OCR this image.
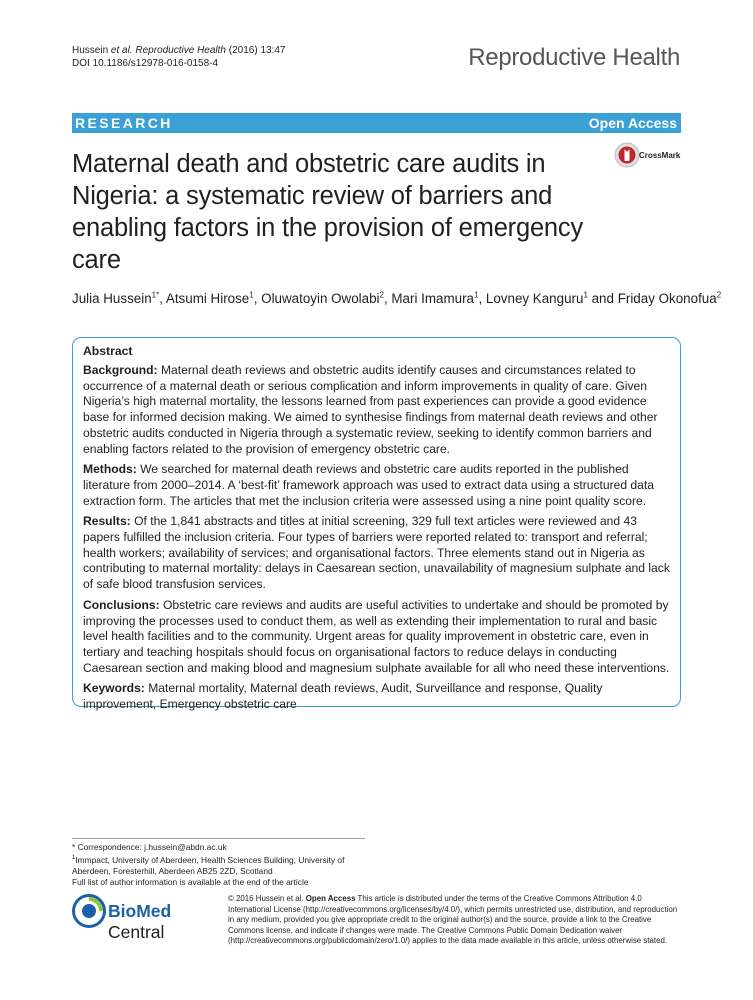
Hussein et al. Reproductive Health (2016) 13:47
DOI 10.1186/s12978-016-0158-4	Reproductive Health
RESEARCH	Open Access
Maternal death and obstetric care audits in Nigeria: a systematic review of barriers and enabling factors in the provision of emergency care
CrossMark
Julia Hussein$^{1*}$, Atsumi Hirose$^1$, Oluwatoyin Owolabi$^2$, Mari Imamura$^1$, Lovney Kanguru$^1$ and Friday Okonofua$^2$
Abstract

Background: Maternal death reviews and obstetric audits identify causes and circumstances related to occurrence of a maternal death or serious complication and inform improvements in quality of care. Given Nigeria’s high maternal mortality, the lessons learned from past experiences can provide a good evidence base for informed decision making. We aimed to synthesise findings from maternal death reviews and other obstetric audits conducted in Nigeria through a systematic review, seeking to identify common barriers and enabling factors related to the provision of emergency obstetric care.

Methods: We searched for maternal death reviews and obstetric care audits reported in the published literature from 2000–2014. A ‘best-fit’ framework approach was used to extract data using a structured data extraction form. The articles that met the inclusion criteria were assessed using a nine point quality score.

Results: Of the 1,841 abstracts and titles at initial screening, 329 full text articles were reviewed and 43 papers fulfilled the inclusion criteria. Four types of barriers were reported related to: transport and referral; health workers; availability of services; and organisational factors. Three elements stand out in Nigeria as contributing to maternal mortality: delays in Caesarean section, unavailability of magnesium sulphate and lack of safe blood transfusion services.

Conclusions: Obstetric care reviews and audits are useful activities to undertake and should be promoted by improving the processes used to conduct them, as well as extending their implementation to rural and basic level health facilities and to the community. Urgent areas for quality improvement in obstetric care, even in tertiary and teaching hospitals should focus on organisational factors to reduce delays in conducting Caesarean section and making blood and magnesium sulphate available for all who need these interventions.

Keywords: Maternal mortality, Maternal death reviews, Audit, Surveillance and response, Quality improvement, Emergency obstetric care

* Correspondence: j.hussein@abdn.ac.uk
$^1$Immpact, University of Aberdeen, Health Sciences Building, University of Aberdeen, Foresterhill, Aberdeen AB25 2ZD, Scotland
Full list of author information is available at the end of the article
BioMed Central
© 2016 Hussein et al. Open Access This article is distributed under the terms of the Creative Commons Attribution 4.0 International License (http://creativecommons.org/licenses/by/4.0/), which permits unrestricted use, distribution, and reproduction in any medium, provided you give appropriate credit to the original author(s) and the source, provide a link to the Creative Commons license, and indicate if changes were made. The Creative Commons Public Domain Dedication waiver (http://creativecommons.org/publicdomain/zero/1.0/) applies to the data made available in this article, unless otherwise stated.
